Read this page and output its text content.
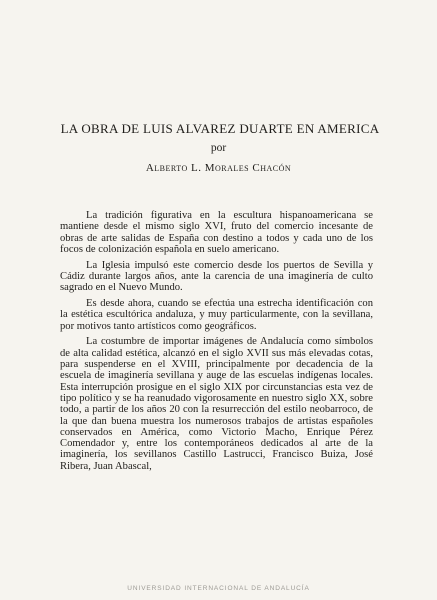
LA OBRA DE LUIS ALVAREZ DUARTE EN AMERICA
por
Alberto L. Morales Chacón

La tradición figurativa en la escultura hispanoamericana se mantiene desde el mismo siglo XVI, fruto del comercio incesante de obras de arte salidas de España con destino a todos y cada uno de los focos de colonización española en suelo americano.

La Iglesia impulsó este comercio desde los puertos de Sevilla y Cádiz durante largos años, ante la carencia de una imaginería de culto sagrado en el Nuevo Mundo.

Es desde ahora, cuando se efectúa una estrecha identificación con la estética escultórica andaluza, y muy particularmente, con la sevillana, por motivos tanto artísticos como geográficos.

La costumbre de importar imágenes de Andalucía como símbolos de alta calidad estética, alcanzó en el siglo XVII sus más elevadas cotas, para suspenderse en el XVIII, principalmente por decadencia de la escuela de imaginería sevillana y auge de las escuelas indígenas locales. Esta interrupción prosigue en el siglo XIX por circunstancias esta vez de tipo político y se ha reanudado vigorosamente en nuestro siglo XX, sobre todo, a partir de los años 20 con la resurrección del estilo neobarroco, de la que dan buena muestra los numerosos trabajos de artistas españoles conservados en América, como Victorio Macho, Enrique Pérez Comendador y, entre los contemporáneos dedicados al arte de la imaginería, los sevillanos Castillo Lastrucci, Francisco Buiza, José Ribera, Juan Abascal,

UNIVERSIDAD INTERNACIONAL DE ANDALUCÍA
